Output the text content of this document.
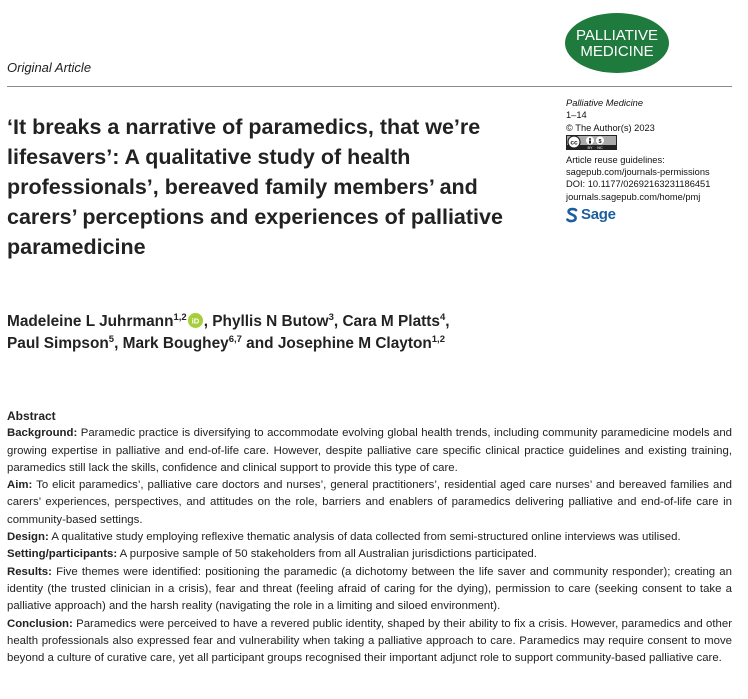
PALLIATIVE
MEDICINE
Original Article
‘It breaks a narrative of paramedics, that we’re lifesavers’: A qualitative study of health professionals’, bereaved family members’ and carers’ perceptions and experiences of palliative paramedicine
Palliative Medicine
1–14
© The Author(s) 2023
cc	$
BY NC
Article reuse guidelines:
sagepub.com/journals-permissions
DOI: 10.1177/02692163231186451
journals.sagepub.com/home/pmj
Sage
Madeleine L Juhrmann$^{1,2}$ iD , Phyllis N Butow$^3$, Cara M Platts$^4$,
Paul Simpson$^5$, Mark Boughey$^{6,7}$ and Josephine M Clayton$^{1,2}$
Abstract

Background: Paramedic practice is diversifying to accommodate evolving global health trends, including community paramedicine models and growing expertise in palliative and end-of-life care. However, despite palliative care specific clinical practice guidelines and existing training, paramedics still lack the skills, confidence and clinical support to provide this type of care.

Aim: To elicit paramedics’, palliative care doctors and nurses’, general practitioners’, residential aged care nurses’ and bereaved families and carers’ experiences, perspectives, and attitudes on the role, barriers and enablers of paramedics delivering palliative and end-of-life care in community-based settings.

Design: A qualitative study employing reflexive thematic analysis of data collected from semi-structured online interviews was utilised.

Setting/participants: A purposive sample of 50 stakeholders from all Australian jurisdictions participated.

Results: Five themes were identified: positioning the paramedic (a dichotomy between the life saver and community responder); creating an identity (the trusted clinician in a crisis), fear and threat (feeling afraid of caring for the dying), permission to care (seeking consent to take a palliative approach) and the harsh reality (navigating the role in a limiting and siloed environment).

Conclusion: Paramedics were perceived to have a revered public identity, shaped by their ability to fix a crisis. However, paramedics and other health professionals also expressed fear and vulnerability when taking a palliative approach to care. Paramedics may require consent to move beyond a culture of curative care, yet all participant groups recognised their important adjunct role to support community-based palliative care.
